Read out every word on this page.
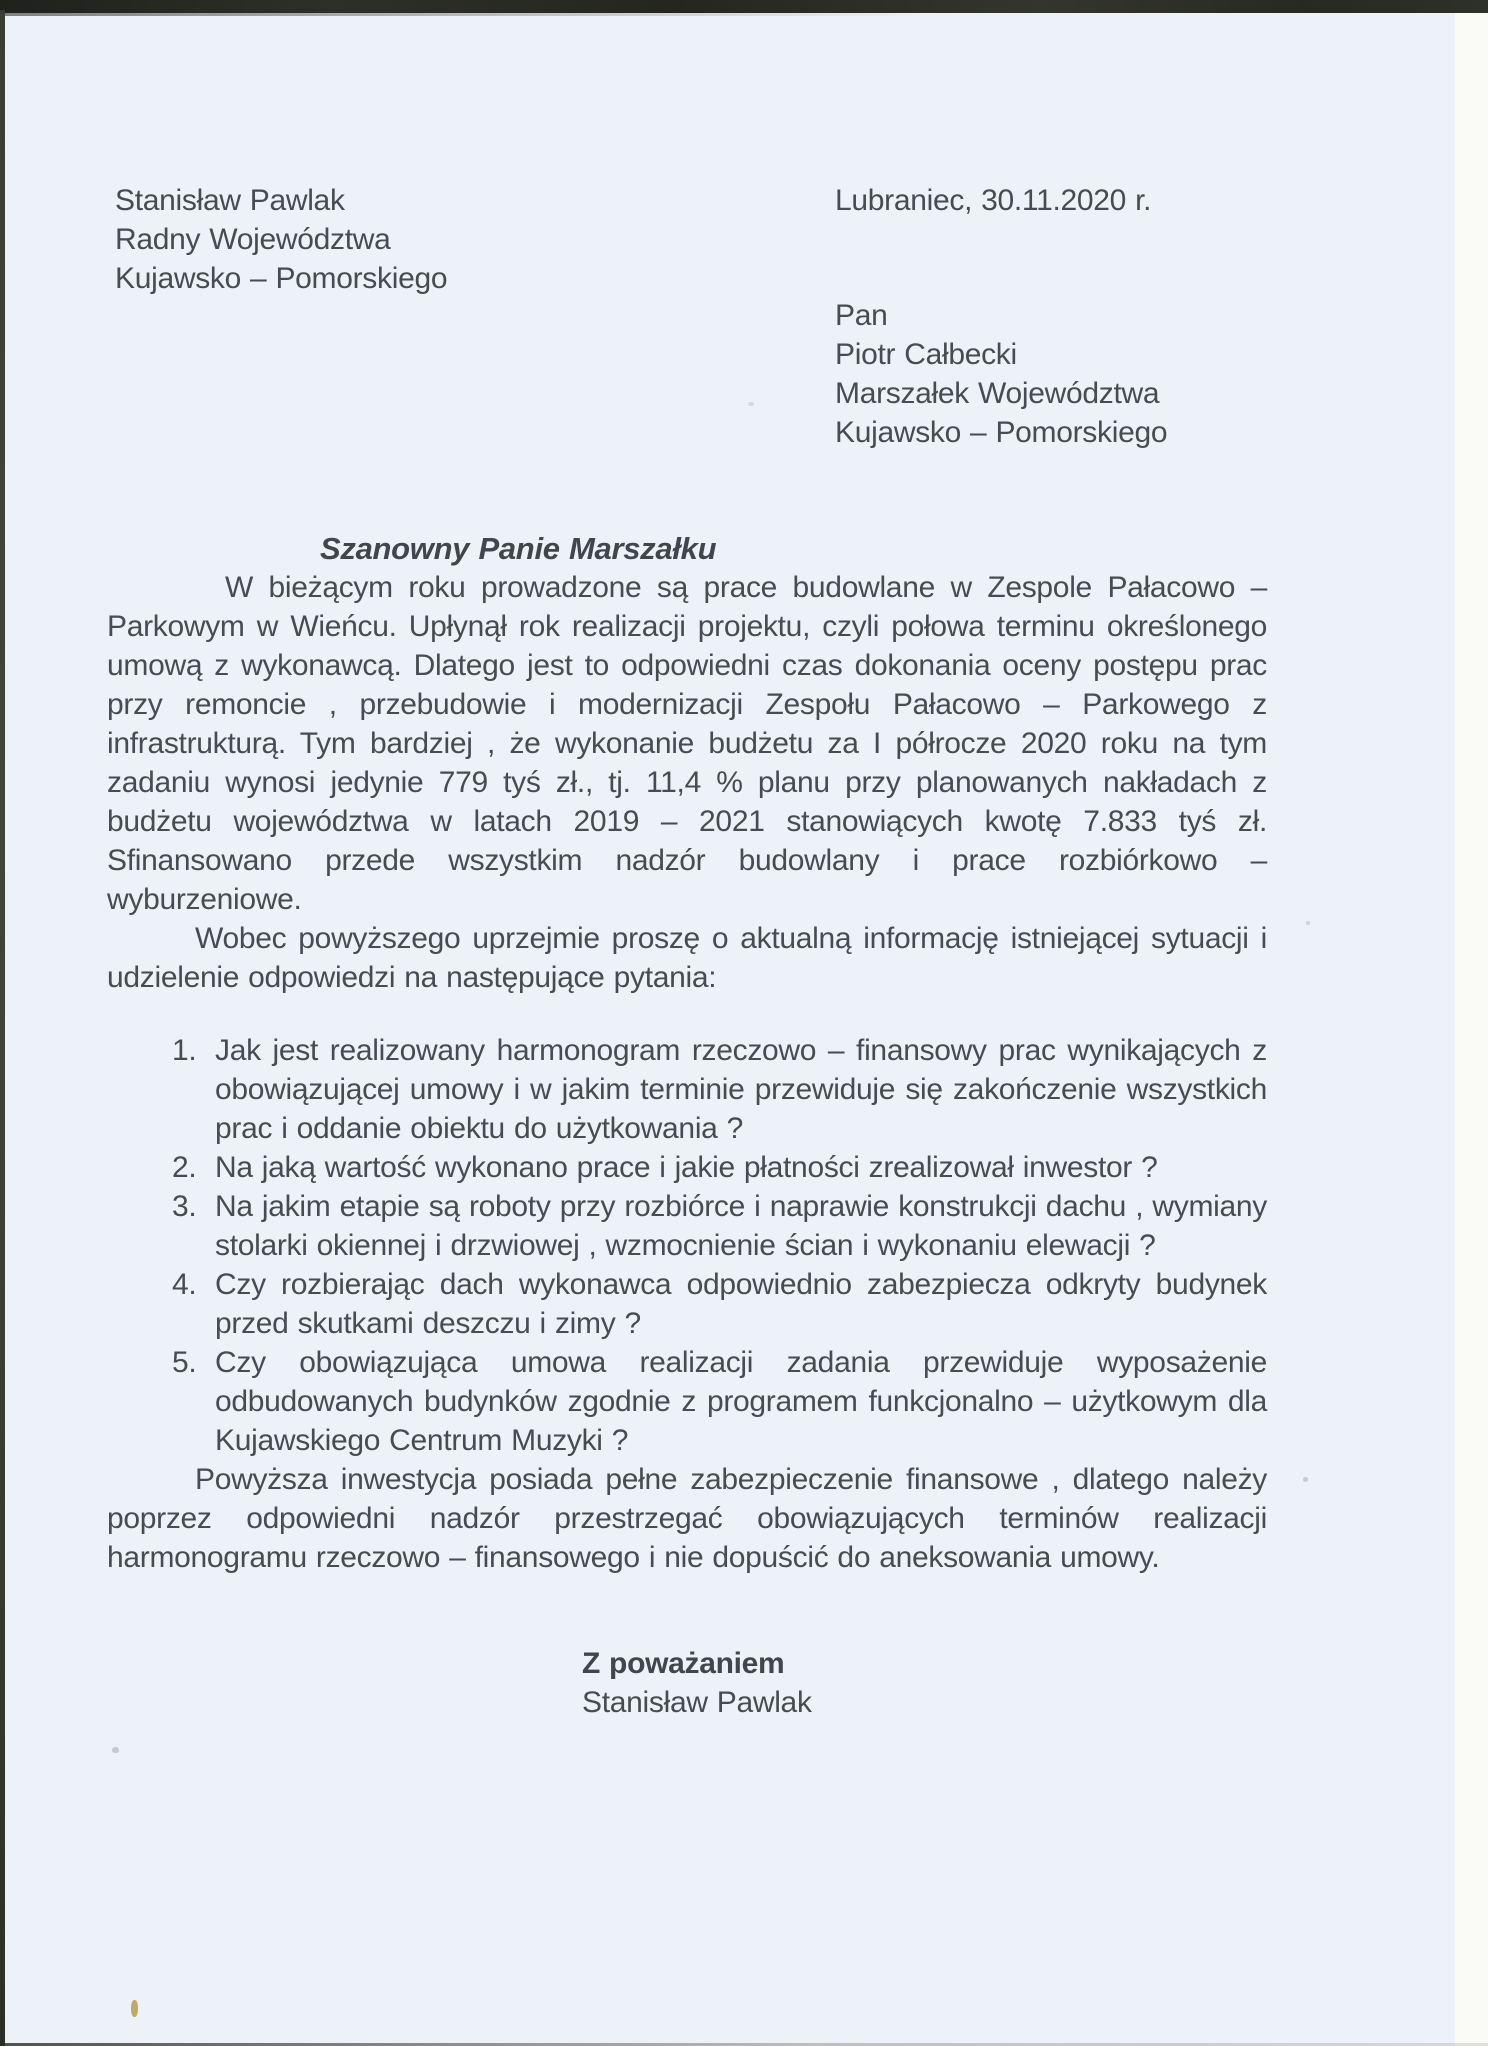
Stanisław Pawlak
Radny Województwa
Kujawsko – Pomorskiego
Lubraniec, 30.11.2020 r.
Pan
Piotr Całbecki
Marszałek Województwa
Kujawsko – Pomorskiego
Szanowny Panie Marszałku

W bieżącym roku prowadzone są prace budowlane w Zespole Pałacowo – Parkowym w Wieńcu. Upłynął rok realizacji projektu, czyli połowa terminu określonego umową z wykonawcą. Dlatego jest to odpowiedni czas dokonania oceny postępu prac przy remoncie , przebudowie i modernizacji Zespołu Pałacowo – Parkowego z infrastrukturą. Tym bardziej , że wykonanie budżetu za I półrocze 2020 roku na tym zadaniu wynosi jedynie 779 tyś zł., tj. 11,4 % planu przy planowanych nakładach z budżetu województwa w latach 2019 – 2021 stanowiących kwotę 7.833 tyś zł. Sfinansowano przede wszystkim nadzór budowlany i prace rozbiórkowo – wyburzeniowe.

Wobec powyższego uprzejmie proszę o aktualną informację istniejącej sytuacji i udzielenie odpowiedzi na następujące pytania:

1. Jak jest realizowany harmonogram rzeczowo – finansowy prac wynikających z obowiązującej umowy i w jakim terminie przewiduje się zakończenie wszystkich prac i oddanie obiektu do użytkowania ?
2. Na jaką wartość wykonano prace i jakie płatności zrealizował inwestor ?
3. Na jakim etapie są roboty przy rozbiórce i naprawie konstrukcji dachu , wymiany stolarki okiennej i drzwiowej , wzmocnienie ścian i wykonaniu elewacji ?
4. Czy rozbierając dach wykonawca odpowiednio zabezpiecza odkryty budynek przed skutkami deszczu i zimy ?
5. Czy obowiązująca umowa realizacji zadania przewiduje wyposażenie odbudowanych budynków zgodnie z programem funkcjonalno – użytkowym dla Kujawskiego Centrum Muzyki ?

Powyższa inwestycja posiada pełne zabezpieczenie finansowe , dlatego należy poprzez odpowiedni nadzór przestrzegać obowiązujących terminów realizacji harmonogramu rzeczowo – finansowego i nie dopuścić do aneksowania umowy.

Z poważaniem
Stanisław Pawlak
